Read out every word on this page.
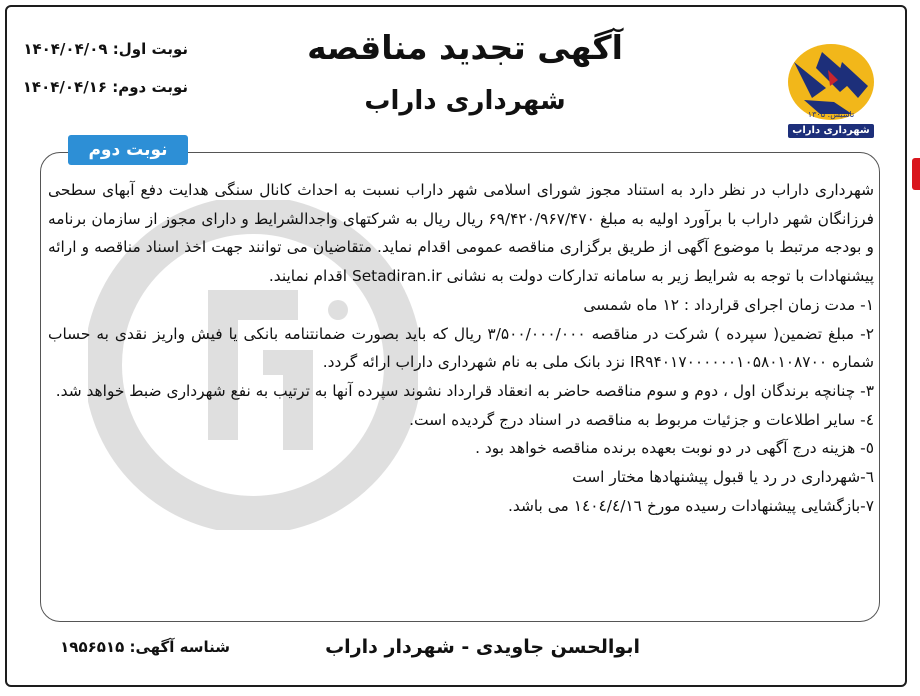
شهرداری داراب
تاسیس: ۱۳۰۵
آگهی تجدید مناقصه
شهرداری داراب
نوبت اول: ۱۴۰۴/۰۴/۰۹
نوبت دوم: ۱۴۰۴/۰۴/۱۶
نوبت دوم

شهرداری داراب در نظر دارد به استناد مجوز شورای اسلامی شهر داراب نسبت به احداث کانال سنگی هدایت دفع آبهای سطحی فرزانگان شهر داراب با برآورد اولیه به مبلغ ۶۹/۴۲۰/۹۶۷/۴۷۰ ریال ریال به شرکتهای واجدالشرایط و دارای مجوز از سازمان برنامه و بودجه مرتبط با موضوع آگهی از طریق برگزاری مناقصه عمومی اقدام نماید. متقاضیان می توانند جهت اخذ اسناد مناقصه و ارائه پیشنهادات با توجه به شرایط زیر به سامانه تدارکات دولت به نشانی Setadiran.ir اقدام نمایند.

۱- مدت زمان اجرای قرارداد : ۱۲ ماه شمسی

۲- مبلغ تضمین( سپرده ) شرکت در مناقصه ۳/۵۰۰/۰۰۰/۰۰۰ ریال که باید بصورت ضمانتنامه بانکی یا فیش واریز نقدی به حساب شماره IR۹۴۰۱۷۰۰۰۰۰۰۱۰۵۸۰۱۰۸۷۰۰ نزد بانک ملی به نام شهرداری داراب ارائه گردد.

۳- چنانچه برندگان اول ، دوم و سوم مناقصه حاضر به انعقاد قرارداد نشوند سپرده آنها به ترتیب به نفع شهرداری ضبط خواهد شد.

٤- سایر اطلاعات و جزئیات مربوط به مناقصه در اسناد درج گردیده است.

٥- هزینه درج آگهی در دو نوبت بعهده برنده مناقصه خواهد بود .

٦-شهرداری در رد یا قبول پیشنهادها مختار است

۷-بازگشایی پیشنهادات رسیده مورخ ۱٤۰٤/٤/١٦ می باشد.

ابوالحسن جاویدی - شهردار داراب
شناسه آگهی: ۱۹۵۶۵۱۵
